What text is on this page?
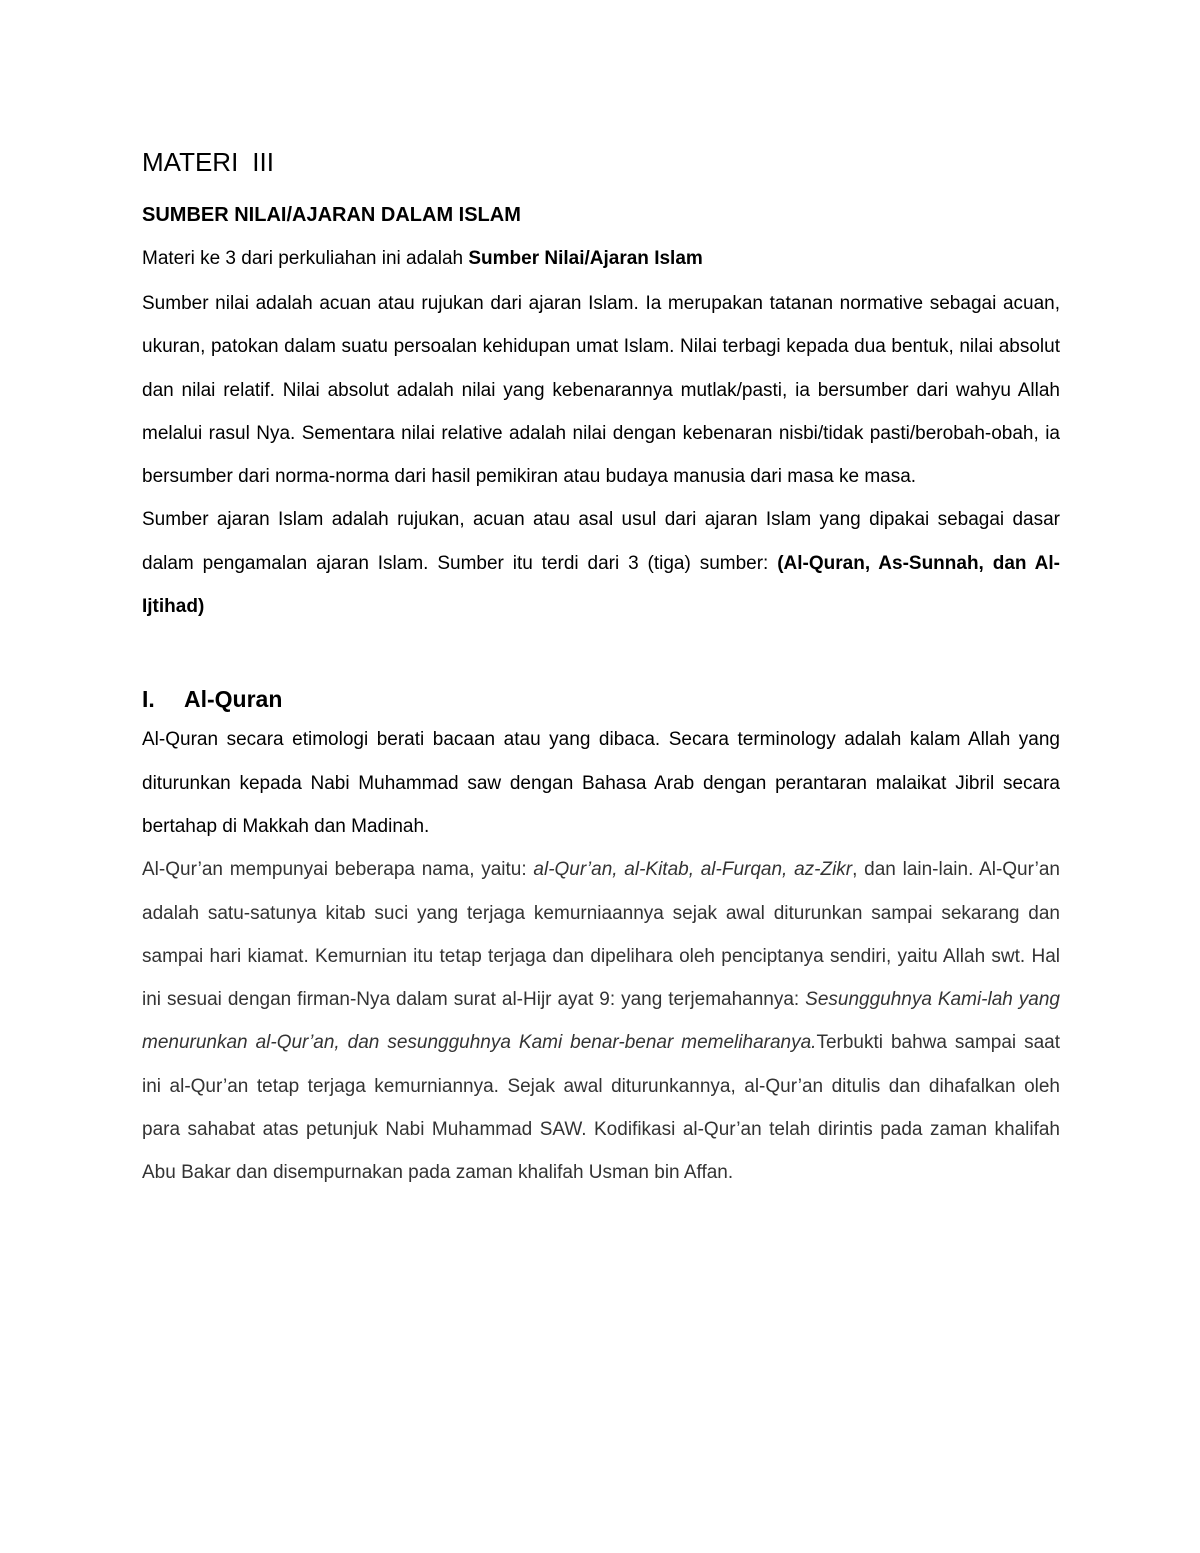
MATERI III
SUMBER NILAI/AJARAN DALAM ISLAM

Materi ke 3 dari perkuliahan ini adalah Sumber Nilai/Ajaran Islam

Sumber nilai adalah acuan atau rujukan dari ajaran Islam. Ia merupakan tatanan normative sebagai acuan, ukuran, patokan dalam suatu persoalan kehidupan umat Islam. Nilai terbagi kepada dua bentuk, nilai absolut dan nilai relatif. Nilai absolut adalah nilai yang kebenarannya mutlak/pasti, ia bersumber dari wahyu Allah melalui rasul Nya. Sementara nilai relative adalah nilai dengan kebenaran nisbi/tidak pasti/berobah-obah, ia bersumber dari norma-norma dari hasil pemikiran atau budaya manusia dari masa ke masa.

Sumber ajaran Islam adalah rujukan, acuan atau asal usul dari ajaran Islam yang dipakai sebagai dasar dalam pengamalan ajaran Islam. Sumber itu terdi dari 3 (tiga) sumber: (Al-Quran, As-Sunnah, dan Al-Ijtihad)

I. Al-Quran

Al-Quran secara etimologi berati bacaan atau yang dibaca. Secara terminology adalah kalam Allah yang diturunkan kepada Nabi Muhammad saw dengan Bahasa Arab dengan perantaran malaikat Jibril secara bertahap di Makkah dan Madinah.

Al-Qur’an mempunyai beberapa nama, yaitu: al-Qur’an, al-Kitab, al-Furqan, az-Zikr, dan lain-lain. Al-Qur’an adalah satu-satunya kitab suci yang terjaga kemurniaannya sejak awal diturunkan sampai sekarang dan sampai hari kiamat. Kemurnian itu tetap terjaga dan dipelihara oleh penciptanya sendiri, yaitu Allah swt. Hal ini sesuai dengan firman-Nya dalam surat al-Hijr ayat 9: yang terjemahannya: Sesungguhnya Kami-lah yang menurunkan al-Qur’an, dan sesungguhnya Kami benar-benar memeliharanya.Terbukti bahwa sampai saat ini al-Qur’an tetap terjaga kemurniannya. Sejak awal diturunkannya, al-Qur’an ditulis dan dihafalkan oleh para sahabat atas petunjuk Nabi Muhammad SAW. Kodifikasi al-Qur’an telah dirintis pada zaman khalifah Abu Bakar dan disempurnakan pada zaman khalifah Usman bin Affan.
